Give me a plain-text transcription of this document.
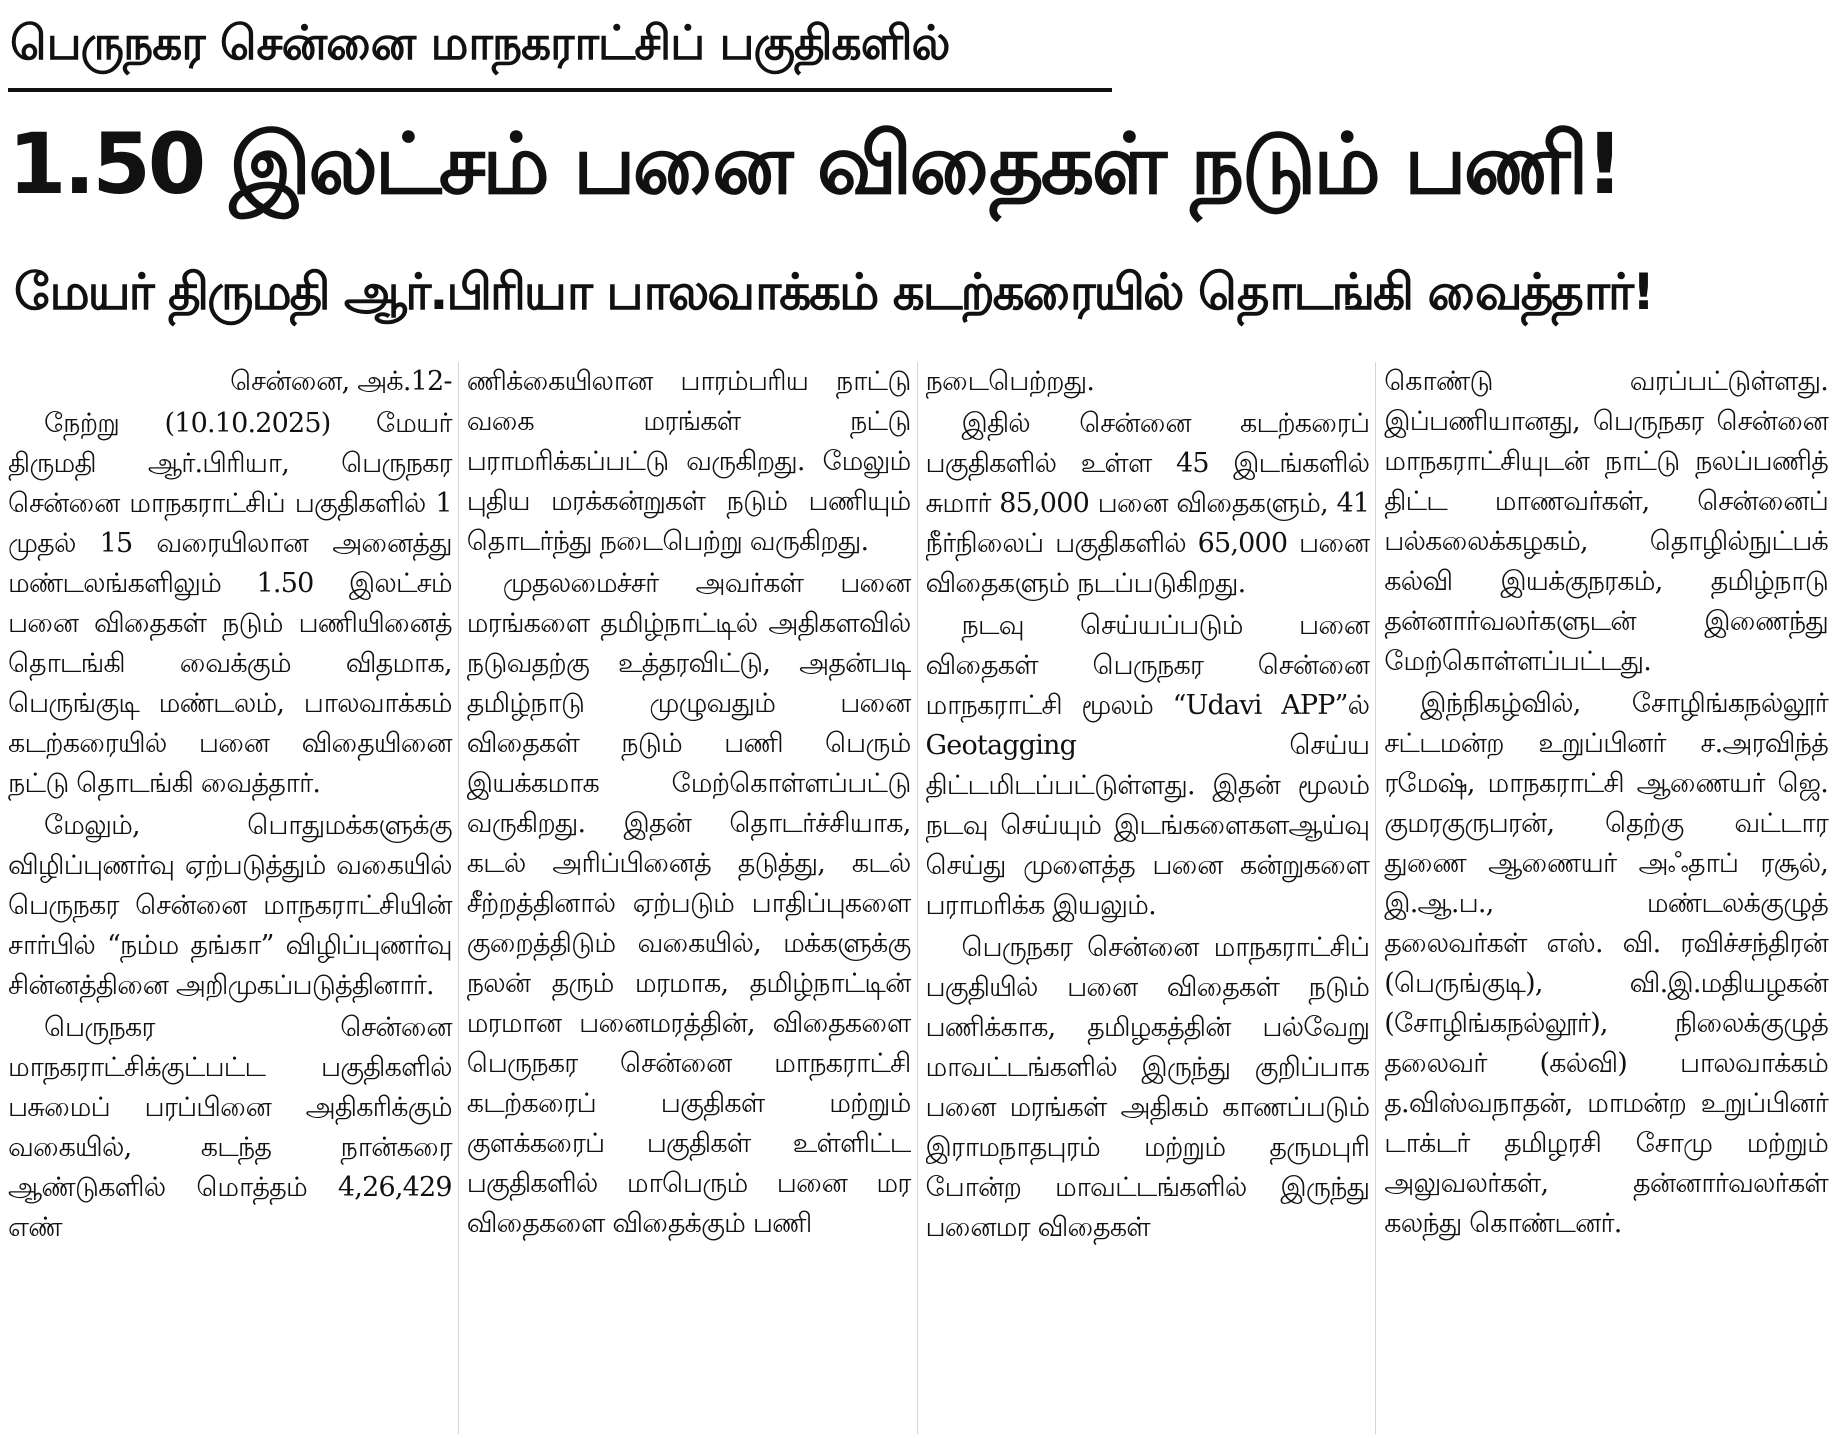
பெருநகர சென்னை மாநகராட்சிப் பகுதிகளில்
1.50 இலட்சம் பனை விதைகள் நடும் பணி!
மேயர் திருமதி ஆர்.பிரியா பாலவாக்கம் கடற்கரையில் தொடங்கி வைத்தார்!

சென்னை, அக்.12-

நேற்று (10.10.2025) மேயர் திருமதி ஆர்.பிரியா, பெருநகர சென்னை மாநகராட்சிப் பகுதிகளில் 1 முதல் 15 வரையிலான அனைத்து மண்டலங்களிலும் 1.50 இலட்சம் பனை விதைகள் நடும் பணியினைத் தொடங்கி வைக்கும் விதமாக, பெருங்குடி மண்டலம், பாலவாக்கம் கடற்கரையில் பனை விதையினை நட்டு தொடங்கி வைத்தார்.

மேலும், பொதுமக்களுக்கு விழிப்புணர்வு ஏற்படுத்தும் வகையில் பெருநகர சென்னை மாநகராட்சியின் சார்பில் “நம்ம தங்கா” விழிப்புணர்வு சின்னத்தினை அறிமுகப்படுத்தினார்.

பெருநகர சென்னை மாநகராட்சிக்குட்பட்ட பகுதிகளில் பசுமைப் பரப்பினை அதிகரிக்கும் வகையில், கடந்த நான்கரை ஆண்டுகளில் மொத்தம் 4,26,429 எண்

ணிக்கையிலான பாரம்பரிய நாட்டு வகை மரங்கள் நட்டு பராமரிக்கப்பட்டு வருகிறது. மேலும் புதிய மரக்கன்றுகள் நடும் பணியும் தொடர்ந்து நடைபெற்று வருகிறது.

முதலமைச்சர் அவர்கள் பனை மரங்களை தமிழ்நாட்டில் அதிகளவில் நடுவதற்கு உத்தரவிட்டு, அதன்படி தமிழ்நாடு முழுவதும் பனை விதைகள் நடும் பணி பெரும் இயக்கமாக மேற்கொள்ளப்பட்டு வருகிறது. இதன் தொடர்ச்சியாக, கடல் அரிப்பினைத் தடுத்து, கடல் சீற்றத்தினால் ஏற்படும் பாதிப்புகளை குறைத்திடும் வகையில், மக்களுக்கு நலன் தரும் மரமாக, தமிழ்நாட்டின் மரமான பனைமரத்தின், விதைகளை பெருநகர சென்னை மாநகராட்சி கடற்கரைப் பகுதிகள் மற்றும் குளக்கரைப் பகுதிகள் உள்ளிட்ட பகுதிகளில் மாபெரும் பனை மர விதைகளை விதைக்கும் பணி

நடைபெற்றது.

இதில் சென்னை கடற்கரைப் பகுதிகளில் உள்ள 45 இடங்களில் சுமார் 85,000 பனை விதைகளும், 41 நீர்நிலைப் பகுதிகளில் 65,000 பனை விதைகளும் நடப்படுகிறது.

நடவு செய்யப்படும் பனை விதைகள் பெருநகர சென்னை மாநகராட்சி மூலம் “Udavi APP”ல் Geotagging செய்ய திட்டமிடப்பட்டுள்ளது. இதன் மூலம் நடவு செய்யும் இடங்களைகளஆய்வு செய்து முளைத்த பனை கன்றுகளை பராமரிக்க இயலும்.

பெருநகர சென்னை மாநகராட்சிப் பகுதியில் பனை விதைகள் நடும் பணிக்காக, தமிழகத்தின் பல்வேறு மாவட்டங்களில் இருந்து குறிப்பாக பனை மரங்கள் அதிகம் காணப்படும் இராமநாதபுரம் மற்றும் தருமபுரி போன்ற மாவட்டங்களில் இருந்து பனைமர விதைகள்

கொண்டு வரப்பட்டுள்ளது. இப்பணியானது, பெருநகர சென்னை மாநகராட்சியுடன் நாட்டு நலப்பணித் திட்ட மாணவர்கள், சென்னைப் பல்கலைக்கழகம், தொழில்நுட்பக் கல்வி இயக்குநரகம், தமிழ்நாடு தன்னார்வலர்களுடன் இணைந்து மேற்கொள்ளப்பட்டது.

இந்நிகழ்வில், சோழிங்கநல்லூர் சட்டமன்ற உறுப்பினர் ச.அரவிந்த் ரமேஷ், மாநகராட்சி ஆணையர் ஜெ. குமரகுருபரன், தெற்கு வட்டார துணை ஆணையர் அஃதாப் ரசூல், இ.ஆ.ப., மண்டலக்குழுத் தலைவர்கள் எஸ். வி. ரவிச்சந்திரன் (பெருங்குடி), வி.இ.மதியழகன் (சோழிங்கநல்லூர்), நிலைக்குழுத் தலைவர் (கல்வி) பாலவாக்கம் த.விஸ்வநாதன், மாமன்ற உறுப்பினர் டாக்டர் தமிழரசி சோமு மற்றும் அலுவலர்கள், தன்னார்வலர்கள் கலந்து கொண்டனர்.
